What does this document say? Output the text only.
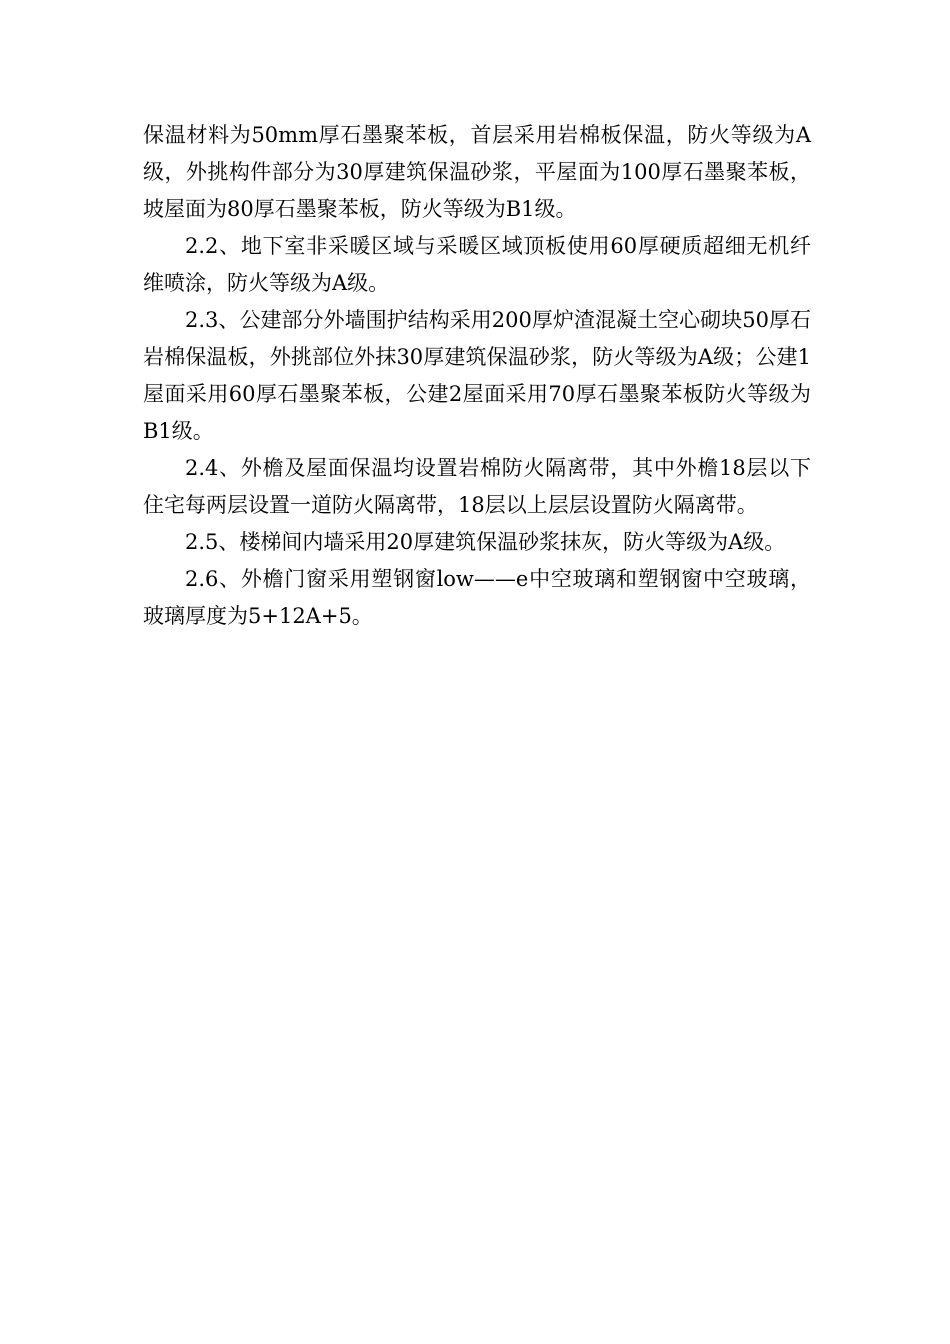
保温材料为50mm厚石墨聚苯板，首层采用岩棉板保温，防火等级为A级，外挑构件部分为30厚建筑保温砂浆，平屋面为100厚石墨聚苯板，坡屋面为80厚石墨聚苯板，防火等级为B1级。

2.2、地下室非采暖区域与采暖区域顶板使用60厚硬质超细无机纤维喷涂，防火等级为A级。

2.3、公建部分外墙围护结构采用200厚炉渣混凝土空心砌块50厚石岩棉保温板，外挑部位外抹30厚建筑保温砂浆，防火等级为A级；公建1屋面采用60厚石墨聚苯板，公建2屋面采用70厚石墨聚苯板防火等级为B1级。

2.4、外檐及屋面保温均设置岩棉防火隔离带，其中外檐18层以下住宅每两层设置一道防火隔离带，18层以上层层设置防火隔离带。

2.5、楼梯间内墙采用20厚建筑保温砂浆抹灰，防火等级为A级。

2.6、外檐门窗采用塑钢窗low——e中空玻璃和塑钢窗中空玻璃，玻璃厚度为5+12A+5。
